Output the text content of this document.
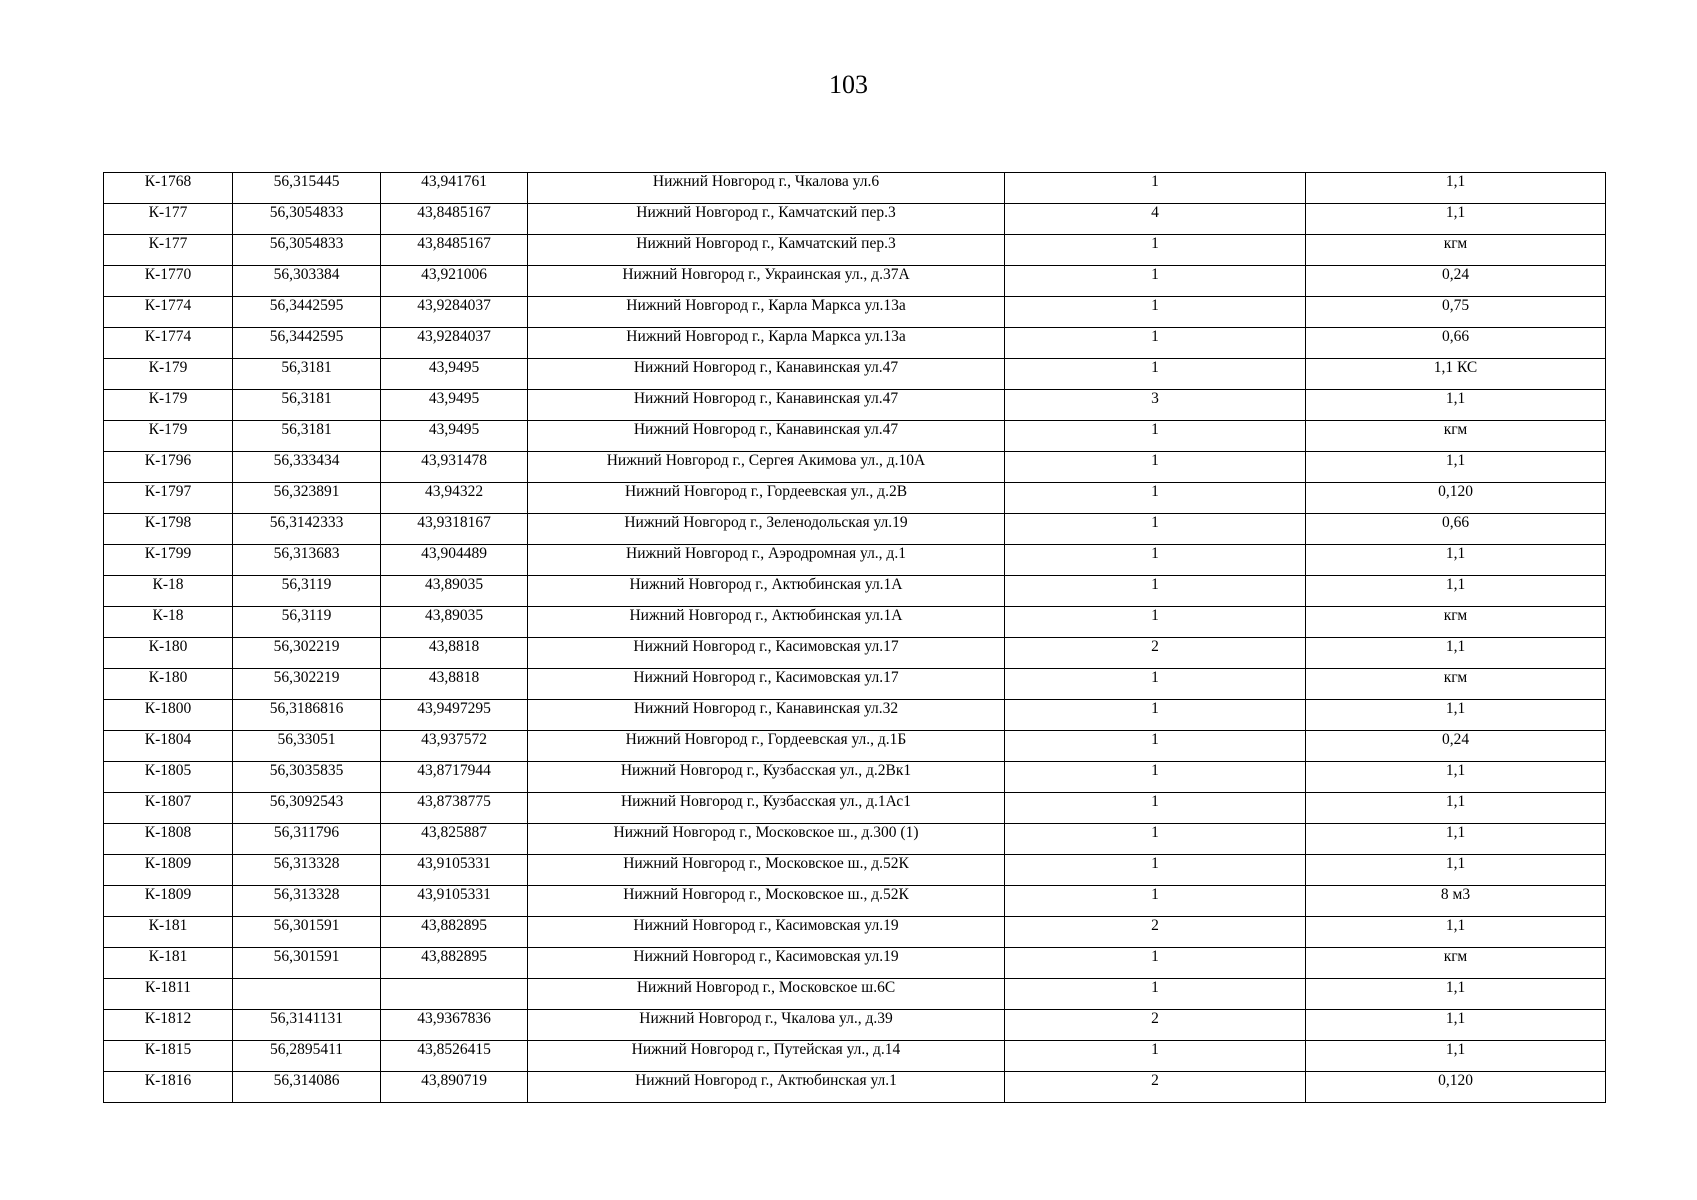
103
К-1768	56,315445	43,941761	Нижний Новгород г., Чкалова ул.6	1	1,1
К-177	56,3054833	43,8485167	Нижний Новгород г., Камчатский пер.3	4	1,1
К-177	56,3054833	43,8485167	Нижний Новгород г., Камчатский пер.3	1	кгм
К-1770	56,303384	43,921006	Нижний Новгород г., Украинская ул., д.37А	1	0,24
К-1774	56,3442595	43,9284037	Нижний Новгород г., Карла Маркса ул.13а	1	0,75
К-1774	56,3442595	43,9284037	Нижний Новгород г., Карла Маркса ул.13а	1	0,66
К-179	56,3181	43,9495	Нижний Новгород г., Канавинская ул.47	1	1,1 КС
К-179	56,3181	43,9495	Нижний Новгород г., Канавинская ул.47	3	1,1
К-179	56,3181	43,9495	Нижний Новгород г., Канавинская ул.47	1	кгм
К-1796	56,333434	43,931478	Нижний Новгород г., Сергея Акимова ул., д.10А	1	1,1
К-1797	56,323891	43,94322	Нижний Новгород г., Гордеевская ул., д.2В	1	0,120
К-1798	56,3142333	43,9318167	Нижний Новгород г., Зеленодольская ул.19	1	0,66
К-1799	56,313683	43,904489	Нижний Новгород г., Аэродромная ул., д.1	1	1,1
К-18	56,3119	43,89035	Нижний Новгород г., Актюбинская ул.1А	1	1,1
К-18	56,3119	43,89035	Нижний Новгород г., Актюбинская ул.1А	1	кгм
К-180	56,302219	43,8818	Нижний Новгород г., Касимовская ул.17	2	1,1
К-180	56,302219	43,8818	Нижний Новгород г., Касимовская ул.17	1	кгм
К-1800	56,3186816	43,9497295	Нижний Новгород г., Канавинская ул.32	1	1,1
К-1804	56,33051	43,937572	Нижний Новгород г., Гордеевская ул., д.1Б	1	0,24
К-1805	56,3035835	43,8717944	Нижний Новгород г., Кузбасская ул., д.2Вк1	1	1,1
К-1807	56,3092543	43,8738775	Нижний Новгород г., Кузбасская ул., д.1Ас1	1	1,1
К-1808	56,311796	43,825887	Нижний Новгород г., Московское ш., д.300 (1)	1	1,1
К-1809	56,313328	43,9105331	Нижний Новгород г., Московское ш., д.52К	1	1,1
К-1809	56,313328	43,9105331	Нижний Новгород г., Московское ш., д.52К	1	8 м3
К-181	56,301591	43,882895	Нижний Новгород г., Касимовская ул.19	2	1,1
К-181	56,301591	43,882895	Нижний Новгород г., Касимовская ул.19	1	кгм
К-1811			Нижний Новгород г., Московское ш.6С	1	1,1
К-1812	56,3141131	43,9367836	Нижний Новгород г., Чкалова ул., д.39	2	1,1
К-1815	56,2895411	43,8526415	Нижний Новгород г., Путейская ул., д.14	1	1,1
К-1816	56,314086	43,890719	Нижний Новгород г., Актюбинская ул.1	2	0,120
